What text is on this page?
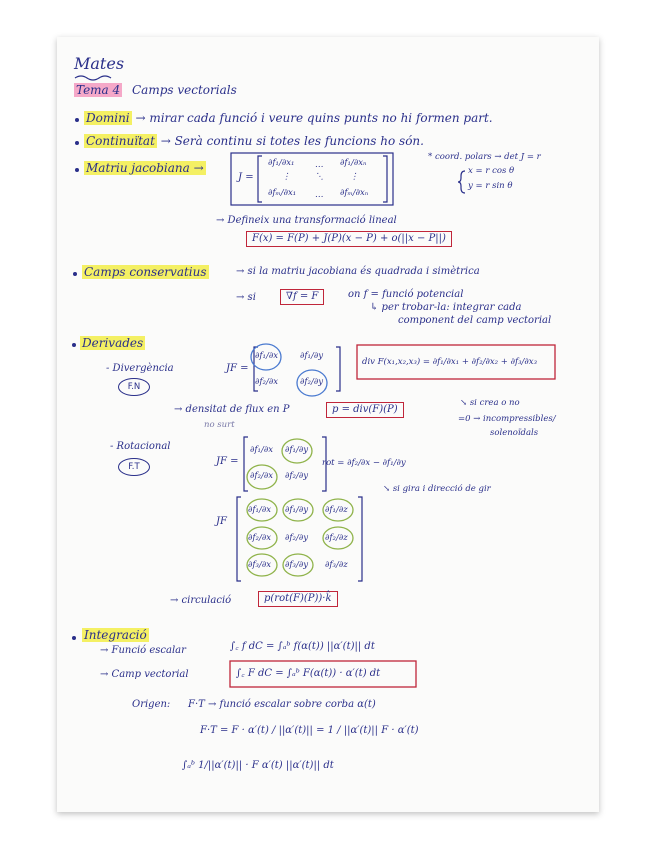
Mates
Tema 4 Camps vectorials
Domini → mirar cada funció i veure quins punts no hi formen part.
Continuïtat → Serà continu si totes les funcions ho són.
Matriu jacobiana →
J =
∂f₁/∂x₁ … ∂f₁/∂xₙ
⋮	⋱	⋮
∂fₘ/∂x₁ … ∂fₘ/∂xₙ
* coord. polars → det J = r
x = r cos θ
y = r sin θ
→ Defineix una transformació lineal
F(x) = F(P) + J(P)(x − P) + o(||x − P||)
Camps conservatius	→ si la matriu jacobiana és quadrada i simètrica
→ si	∇f = F	on f = funció potencial
↳ per trobar-la: integrar cada
component del camp vectorial
Derivades
- Divergència
F.N
JF =
∂f₁/∂x	∂f₁/∂y
∂f₂/∂x	∂f₂/∂y
div F(x₁,x₂,x₃) = ∂f₁/∂x₁ + ∂f₂/∂x₂ + ∂f₃/∂x₃
→ densitat de flux en P	p = div(F)(P)
no surt
↘ si crea o no
=0 → incompressibles/
solenoïdals
- Rotacional
F.T	JF =
∂f₁/∂x ∂f₁/∂y
∂f₂/∂x ∂f₂/∂y
rot = ∂f₂/∂x − ∂f₁/∂y
↘ si gira i direcció de gir
JF
∂f₁/∂x ∂f₁/∂y ∂f₁/∂z
∂f₂/∂x ∂f₂/∂y ∂f₂/∂z
∂f₃/∂x ∂f₃/∂y ∂f₃/∂z
→ circulació	p(rot(F)(P))·k̂
Integració
→ Funció escalar	∫꜀ f dC = ∫ₐᵇ f(α(t)) ||α′(t)|| dt
→ Camp vectorial	∫꜀ F dC = ∫ₐᵇ F(α(t)) · α′(t) dt
Origen: F·T → funció escalar sobre corba α(t)
F·T = F · α′(t) / ||α′(t)|| = 1 / ||α′(t)|| F · α′(t)
∫ₐᵇ 1/||α′(t)|| · F α′(t) ||α′(t)|| dt
